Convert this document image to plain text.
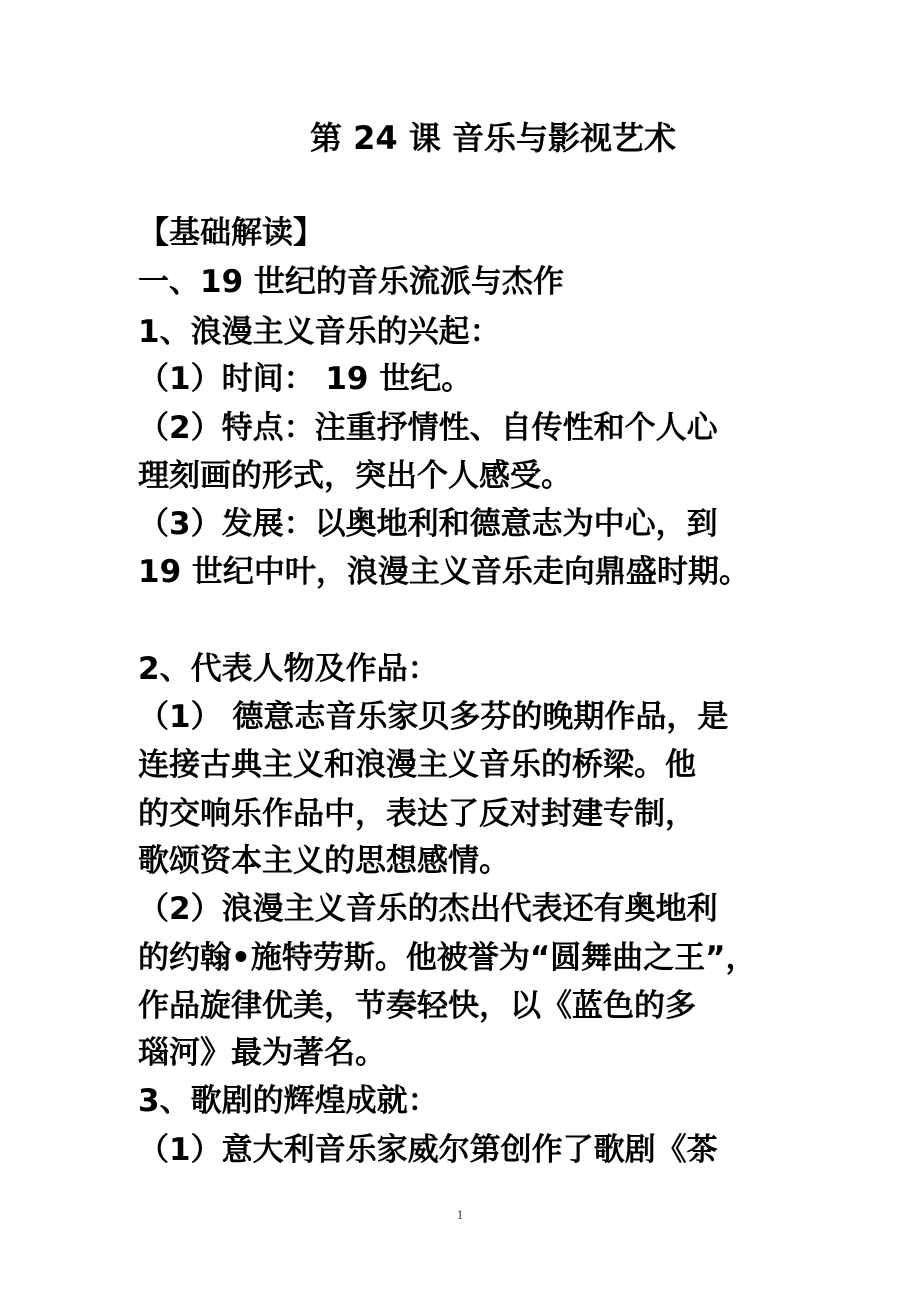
第 24 课 音乐与影视艺术
【基础解读】
一、19 世纪的音乐流派与杰作
1、浪漫主义音乐的兴起：
（1）时间： 19 世纪。
（2）特点：注重抒情性、自传性和个人心
理刻画的形式，突出个人感受。
（3）发展：以奥地利和德意志为中心，到
19 世纪中叶，浪漫主义音乐走向鼎盛时期。
2、代表人物及作品：
（1） 德意志音乐家贝多芬的晚期作品，是
连接古典主义和浪漫主义音乐的桥梁。他
的交响乐作品中，表达了反对封建专制，
歌颂资本主义的思想感情。
（2）浪漫主义音乐的杰出代表还有奥地利
的约翰•施特劳斯。他被誉为“圆舞曲之王”，
作品旋律优美，节奏轻快，以《蓝色的多
瑙河》最为著名。
3、歌剧的辉煌成就：
（1）意大利音乐家威尔第创作了歌剧《茶
1
